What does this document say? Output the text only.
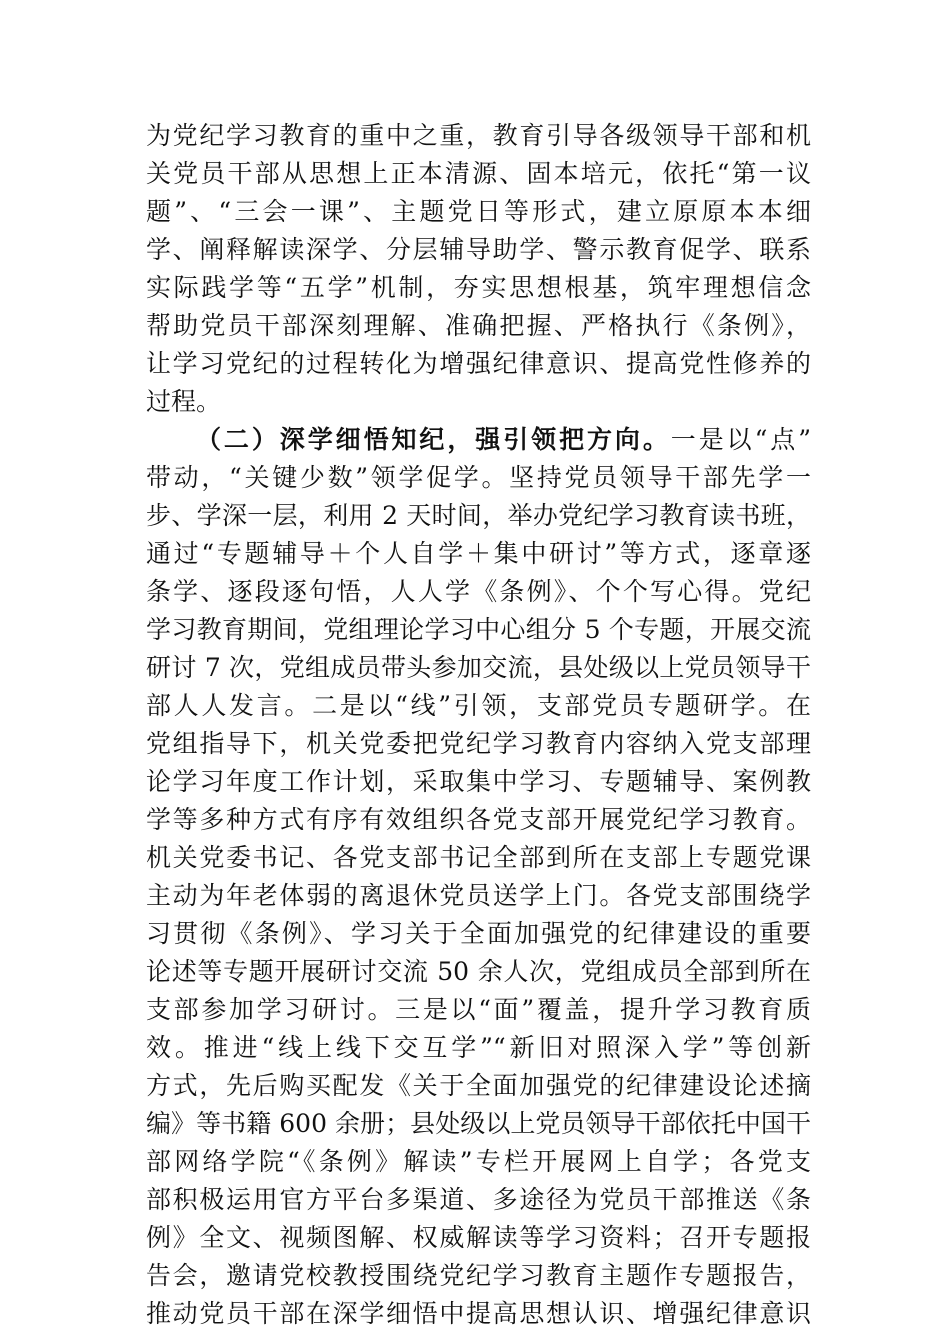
为党纪学习教育的重中之重，教育引导各级领导干部和机
关党员干部从思想上正本清源、固本培元，依托“第一议
题”、“三会一课”、主题党日等形式，建立原原本本细
学、阐释解读深学、分层辅导助学、警示教育促学、联系
实际践学等“五学”机制，夯实思想根基，筑牢理想信念
帮助党员干部深刻理解、准确把握、严格执行《条例》，
让学习党纪的过程转化为增强纪律意识、提高党性修养的
过程。
（二）深学细悟知纪，强引领把方向。一是以“点”
带动，“关键少数”领学促学。坚持党员领导干部先学一
步、学深一层，利用 2 天时间，举办党纪学习教育读书班，
通过“专题辅导＋个人自学＋集中研讨”等方式，逐章逐
条学、逐段逐句悟，人人学《条例》、个个写心得。党纪
学习教育期间，党组理论学习中心组分 5 个专题，开展交流
研讨 7 次，党组成员带头参加交流，县处级以上党员领导干
部人人发言。二是以“线”引领，支部党员专题研学。在
党组指导下，机关党委把党纪学习教育内容纳入党支部理
论学习年度工作计划，采取集中学习、专题辅导、案例教
学等多种方式有序有效组织各党支部开展党纪学习教育。
机关党委书记、各党支部书记全部到所在支部上专题党课
主动为年老体弱的离退休党员送学上门。各党支部围绕学
习贯彻《条例》、学习关于全面加强党的纪律建设的重要
论述等专题开展研讨交流 50 余人次，党组成员全部到所在
支部参加学习研讨。三是以“面”覆盖，提升学习教育质
效。推进“线上线下交互学”“新旧对照深入学”等创新
方式，先后购买配发《关于全面加强党的纪律建设论述摘
编》等书籍 600 余册；县处级以上党员领导干部依托中国干
部网络学院“《条例》解读”专栏开展网上自学；各党支
部积极运用官方平台多渠道、多途径为党员干部推送《条
例》全文、视频图解、权威解读等学习资料；召开专题报
告会，邀请党校教授围绕党纪学习教育主题作专题报告，
推动党员干部在深学细悟中提高思想认识、增强纪律意识
